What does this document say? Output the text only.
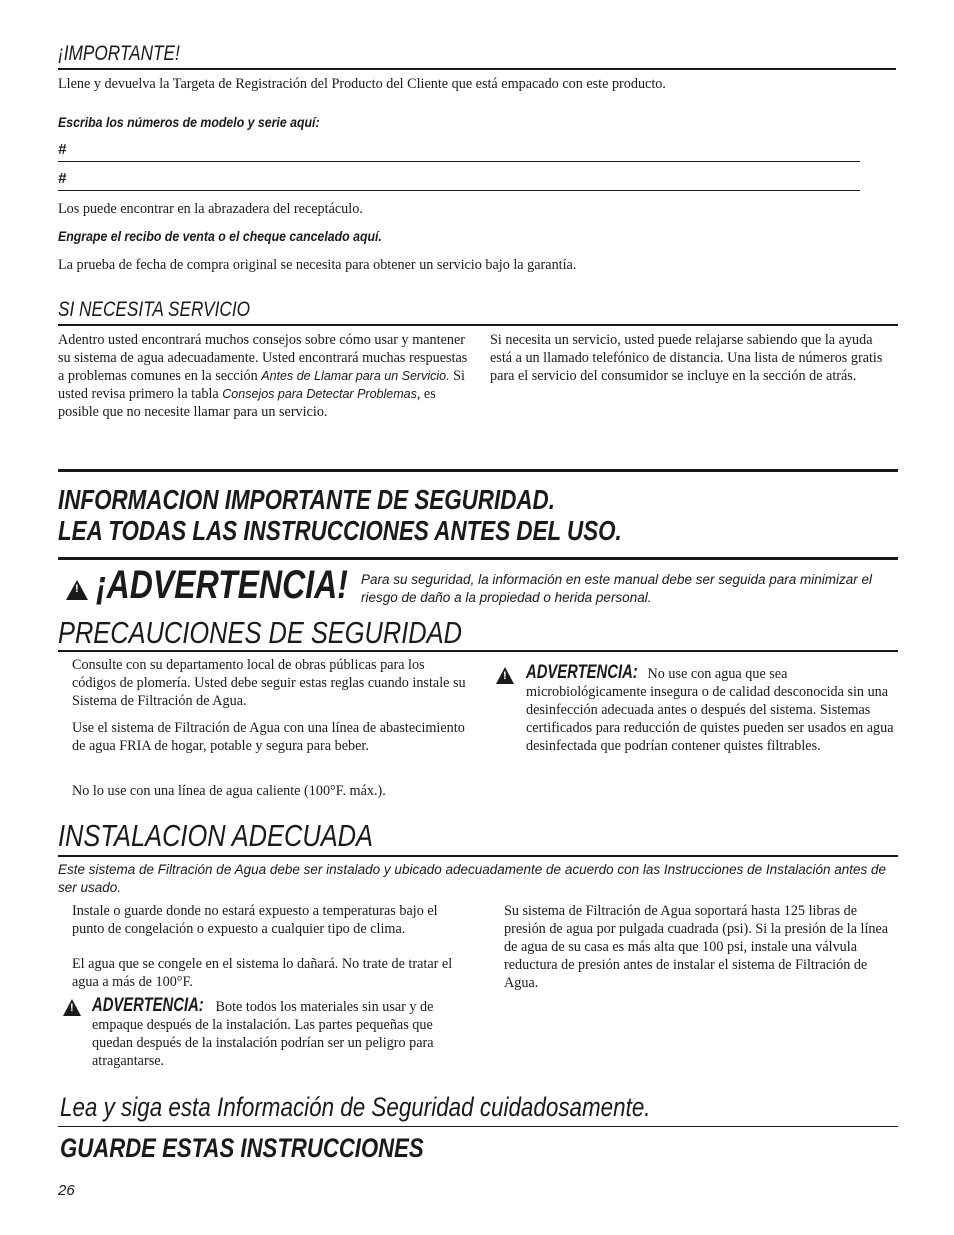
¡IMPORTANTE!

Llene y devuelva la Targeta de Registración del Producto del Cliente que está empacado con este producto.

Escriba los números de modelo y serie aquí:
#
#

Los puede encontrar en la abrazadera del receptáculo.

Engrape el recibo de venta o el cheque cancelado aquí.

La prueba de fecha de compra original se necesita para obtener un servicio bajo la garantía.

SI NECESITA SERVICIO

Adentro usted encontrará muchos consejos sobre cómo usar y mantener su sistema de agua adecuadamente. Usted encontrará muchas respuestas a problemas comunes en la sección Antes de Llamar para un Servicio. Si usted revisa primero la tabla Consejos para Detectar Problemas, es posible que no necesite llamar para un servicio.

Si necesita un servicio, usted puede relajarse sabiendo que la ayuda está a un llamado telefónico de distancia. Una lista de números gratis para el servicio del consumidor se incluye en la sección de atrás.

INFORMACION IMPORTANTE DE SEGURIDAD.
LEA TODAS LAS INSTRUCCIONES ANTES DEL USO.
!
¡ADVERTENCIA! Para su seguridad, la información en este manual debe ser seguida para minimizar el riesgo de daño a la propiedad o herida personal.

PRECAUCIONES DE SEGURIDAD

Consulte con su departamento local de obras públicas para los códigos de plomería. Usted debe seguir estas reglas cuando instale su Sistema de Filtración de Agua.

Use el sistema de Filtración de Agua con una línea de abastecimiento de agua FRIA de hogar, potable y segura para beber.

No lo use con una línea de agua caliente (100°F. máx.).

!

ADVERTENCIA: No use con agua que sea microbiológicamente insegura o de calidad desconocida sin una desinfección adecuada antes o después del sistema. Sistemas certificados para reducción de quistes pueden ser usados en agua desinfectada que podrían contener quistes filtrables.

INSTALACION ADECUADA

Este sistema de Filtración de Agua debe ser instalado y ubicado adecuadamente de acuerdo con las Instrucciones de Instalación antes de ser usado.

Instale o guarde donde no estará expuesto a temperaturas bajo el punto de congelación o expuesto a cualquier tipo de clima.

El agua que se congele en el sistema lo dañará. No trate de tratar el agua a más de 100°F.

!

ADVERTENCIA: Bote todos los materiales sin usar y de empaque después de la instalación. Las partes pequeñas que quedan después de la instalación podrían ser un peligro para atragantarse.

Su sistema de Filtración de Agua soportará hasta 125 libras de presión de agua por pulgada cuadrada (psi). Si la presión de la línea de agua de su casa es más alta que 100 psi, instale una válvula reductura de presión antes de instalar el sistema de Filtración de Agua.

Lea y siga esta Información de Seguridad cuidadosamente.
GUARDE ESTAS INSTRUCCIONES
26
